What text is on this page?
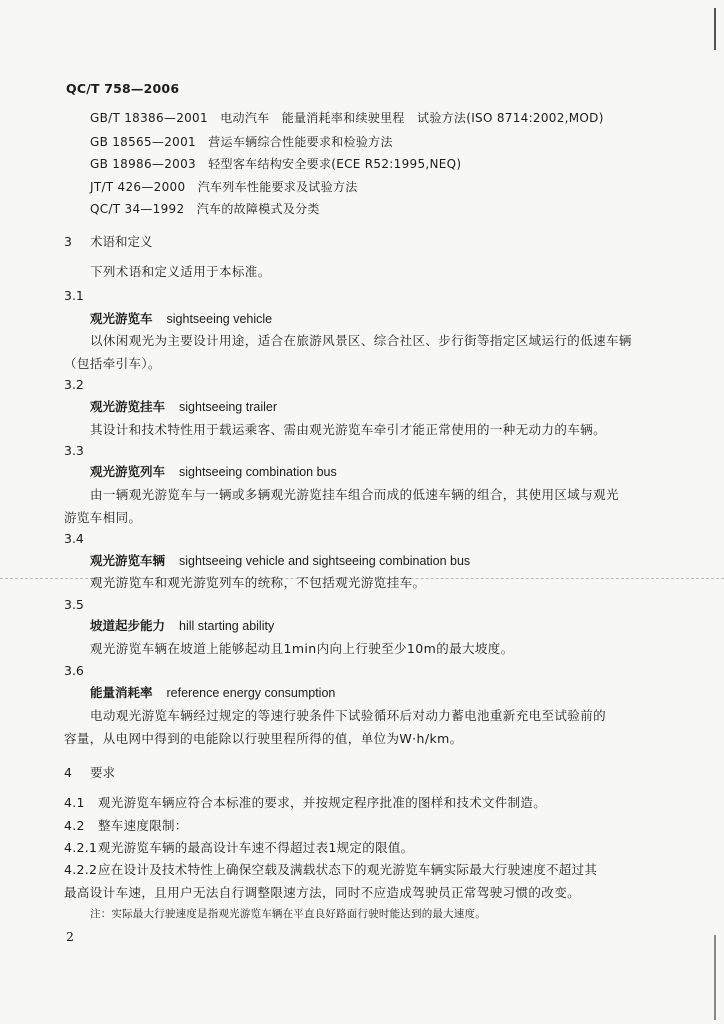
QC/T 758—2006
GB/T 18386—2001　电动汽车　能量消耗率和续驶里程　试验方法(ISO 8714:2002,MOD)
GB 18565—2001　营运车辆综合性能要求和检验方法
GB 18986—2003　轻型客车结构安全要求(ECE R52:1995,NEQ)
JT/T 426—2000　汽车列车性能要求及试验方法
QC/T 34—1992　汽车的故障模式及分类
3 术语和定义
下列术语和定义适用于本标准。
3.1
观光游览车 sightseeing vehicle
以休闲观光为主要设计用途，适合在旅游风景区、综合社区、步行街等指定区域运行的低速车辆
（包括牵引车）。
3.2
观光游览挂车 sightseeing trailer
其设计和技术特性用于载运乘客、需由观光游览车牵引才能正常使用的一种无动力的车辆。
3.3
观光游览列车 sightseeing combination bus
由一辆观光游览车与一辆或多辆观光游览挂车组合而成的低速车辆的组合，其使用区域与观光
游览车相同。
3.4
观光游览车辆 sightseeing vehicle and sightseeing combination bus
观光游览车和观光游览列车的统称，不包括观光游览挂车。
3.5
坡道起步能力 hill starting ability
观光游览车辆在坡道上能够起动且1min内向上行驶至少10m的最大坡度。
3.6
能量消耗率 reference energy consumption
电动观光游览车辆经过规定的等速行驶条件下试验循环后对动力蓄电池重新充电至试验前的
容量，从电网中得到的电能除以行驶里程所得的值，单位为W·h/km。
4 要求
4.1 观光游览车辆应符合本标准的要求，并按规定程序批准的图样和技术文件制造。
4.2 整车速度限制：
4.2.1观光游览车辆的最高设计车速不得超过表1规定的限值。
4.2.2应在设计及技术特性上确保空载及满载状态下的观光游览车辆实际最大行驶速度不超过其
最高设计车速，且用户无法自行调整限速方法，同时不应造成驾驶员正常驾驶习惯的改变。
注：实际最大行驶速度是指观光游览车辆在平直良好路面行驶时能达到的最大速度。
2
